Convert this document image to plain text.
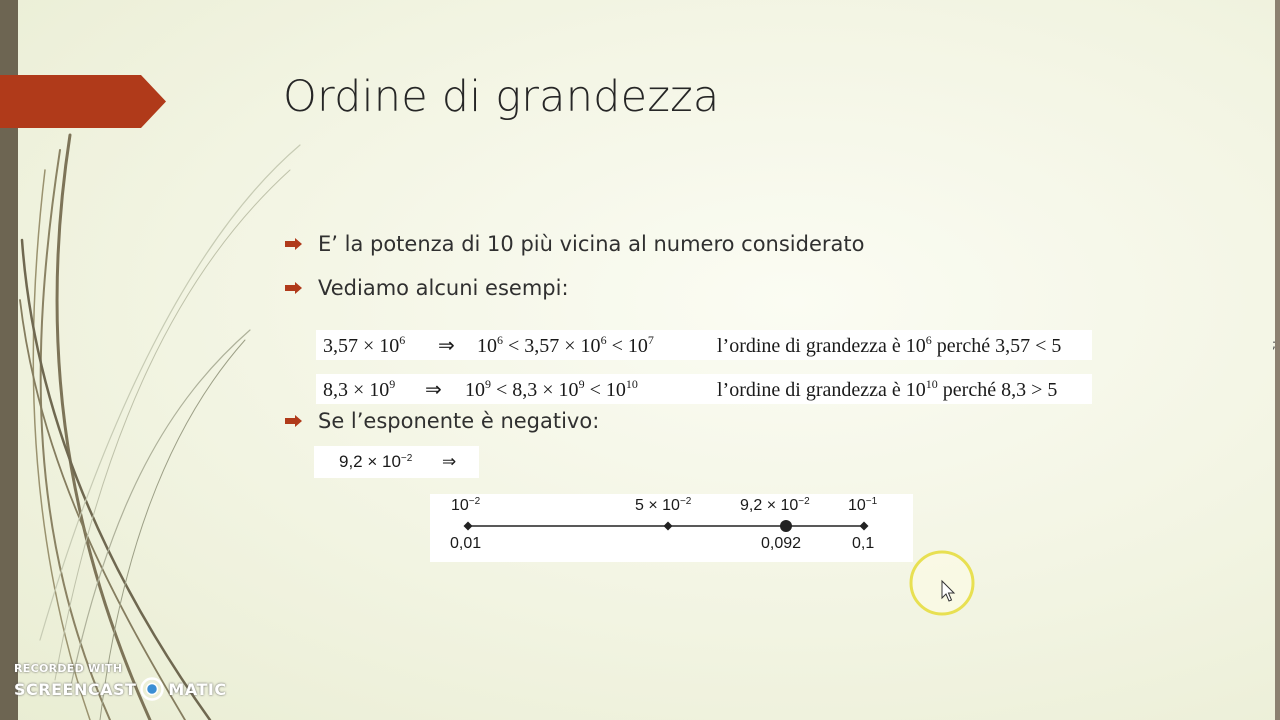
Ordine di grandezza
E’ la potenza di 10 più vicina al numero considerato
Vediamo alcuni esempi:
$3,57 \times 10^6$ ⇒ $10^6 < 3,57 \times 10^6 < 10^7$	l’ordine di grandezza è $10^6$ perché 3,57 < 5
$8,3 \times 10^9$ ⇒ $10^9 < 8,3 \times 10^9 < 10^{10}$	l’ordine di grandezza è $10^{10}$ perché 8,3 > 5
Se l’esponente è negativo:
$9,2 \times 10^{-2}$ ⇒
$10^{-2}$	$5 \times 10^{-2}$	$9,2 \times 10^{-2}$ $10^{-1}$
0,01	0,092	0,1
;
RECORDED WITH
SCREENCAST MATIC
